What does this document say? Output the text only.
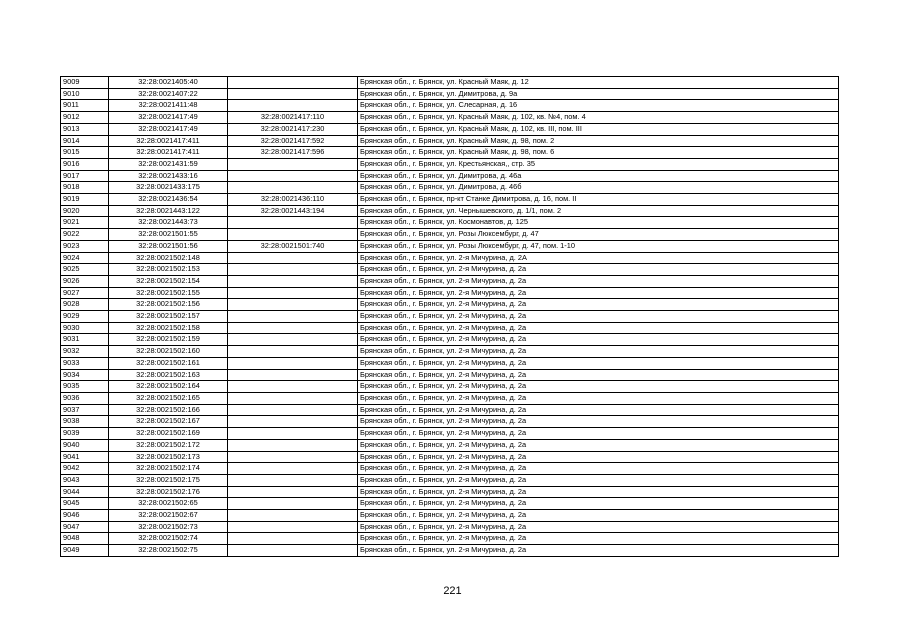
9009	32:28:0021405:40		Брянская обл., г. Брянск, ул. Красный Маяк, д. 12
9010	32:28:0021407:22		Брянская обл., г. Брянск, ул. Димитрова, д. 9а
9011	32:28:0021411:48		Брянская обл., г. Брянск, ул. Слесарная, д. 16
9012	32:28:0021417:49	32:28:0021417:110	Брянская обл., г. Брянск, ул. Красный Маяк, д. 102, кв. №4, пом. 4
9013	32:28:0021417:49	32:28:0021417:230	Брянская обл., г. Брянск, ул. Красный Маяк, д. 102, кв. III, пом. III
9014	32:28:0021417:411	32:28:0021417:592	Брянская обл., г. Брянск, ул. Красный Маяк, д. 98, пом. 2
9015	32:28:0021417:411	32:28:0021417:596	Брянская обл., г. Брянск, ул. Красный Маяк, д. 98, пом. 6
9016	32:28:0021431:59		Брянская обл., г. Брянск, ул. Крестьянская,, стр. 35
9017	32:28:0021433:16		Брянская обл., г. Брянск, ул. Димитрова, д. 46а
9018	32:28:0021433:175		Брянская обл., г. Брянск, ул. Димитрова, д. 46б
9019	32:28:0021436:54	32:28:0021436:110	Брянская обл., г. Брянск, пр-кт Станке Димитрова, д. 16, пом. II
9020	32:28:0021443:122	32:28:0021443:194	Брянская обл., г. Брянск, ул. Чернышевского, д. 1/1, пом. 2
9021	32:28:0021443:73		Брянская обл., г. Брянск, ул. Космонавтов, д. 125
9022	32:28:0021501:55		Брянская обл., г. Брянск, ул. Розы Люксембург, д. 47
9023	32:28:0021501:56	32:28:0021501:740	Брянская обл., г. Брянск, ул. Розы Люксембург, д. 47, пом. 1-10
9024	32:28:0021502:148		Брянская обл., г. Брянск, ул. 2-я Мичурина, д. 2А
9025	32:28:0021502:153		Брянская обл., г. Брянск, ул. 2-я Мичурина, д. 2а
9026	32:28:0021502:154		Брянская обл., г. Брянск, ул. 2-я Мичурина, д. 2а
9027	32:28:0021502:155		Брянская обл., г. Брянск, ул. 2-я Мичурина, д. 2а
9028	32:28:0021502:156		Брянская обл., г. Брянск, ул. 2-я Мичурина, д. 2а
9029	32:28:0021502:157		Брянская обл., г. Брянск, ул. 2-я Мичурина, д. 2а
9030	32:28:0021502:158		Брянская обл., г. Брянск, ул. 2-я Мичурина, д. 2а
9031	32:28:0021502:159		Брянская обл., г. Брянск, ул. 2-я Мичурина, д. 2а
9032	32:28:0021502:160		Брянская обл., г. Брянск, ул. 2-я Мичурина, д. 2а
9033	32:28:0021502:161		Брянская обл., г. Брянск, ул. 2-я Мичурина, д. 2а
9034	32:28:0021502:163		Брянская обл., г. Брянск, ул. 2-я Мичурина, д. 2а
9035	32:28:0021502:164		Брянская обл., г. Брянск, ул. 2-я Мичурина, д. 2а
9036	32:28:0021502:165		Брянская обл., г. Брянск, ул. 2-я Мичурина, д. 2а
9037	32:28:0021502:166		Брянская обл., г. Брянск, ул. 2-я Мичурина, д. 2а
9038	32:28:0021502:167		Брянская обл., г. Брянск, ул. 2-я Мичурина, д. 2а
9039	32:28:0021502:169		Брянская обл., г. Брянск, ул. 2-я Мичурина, д. 2а
9040	32:28:0021502:172		Брянская обл., г. Брянск, ул. 2-я Мичурина, д. 2а
9041	32:28:0021502:173		Брянская обл., г. Брянск, ул. 2-я Мичурина, д. 2а
9042	32:28:0021502:174		Брянская обл., г. Брянск, ул. 2-я Мичурина, д. 2а
9043	32:28:0021502:175		Брянская обл., г. Брянск, ул. 2-я Мичурина, д. 2а
9044	32:28:0021502:176		Брянская обл., г. Брянск, ул. 2-я Мичурина, д. 2а
9045	32:28:0021502:65		Брянская обл., г. Брянск, ул. 2-я Мичурина, д. 2а
9046	32:28:0021502:67		Брянская обл., г. Брянск, ул. 2-я Мичурина, д. 2а
9047	32:28:0021502:73		Брянская обл., г. Брянск, ул. 2-я Мичурина, д. 2а
9048	32:28:0021502:74		Брянская обл., г. Брянск, ул. 2-я Мичурина, д. 2а
9049	32:28:0021502:75		Брянская обл., г. Брянск, ул. 2-я Мичурина, д. 2а
221
